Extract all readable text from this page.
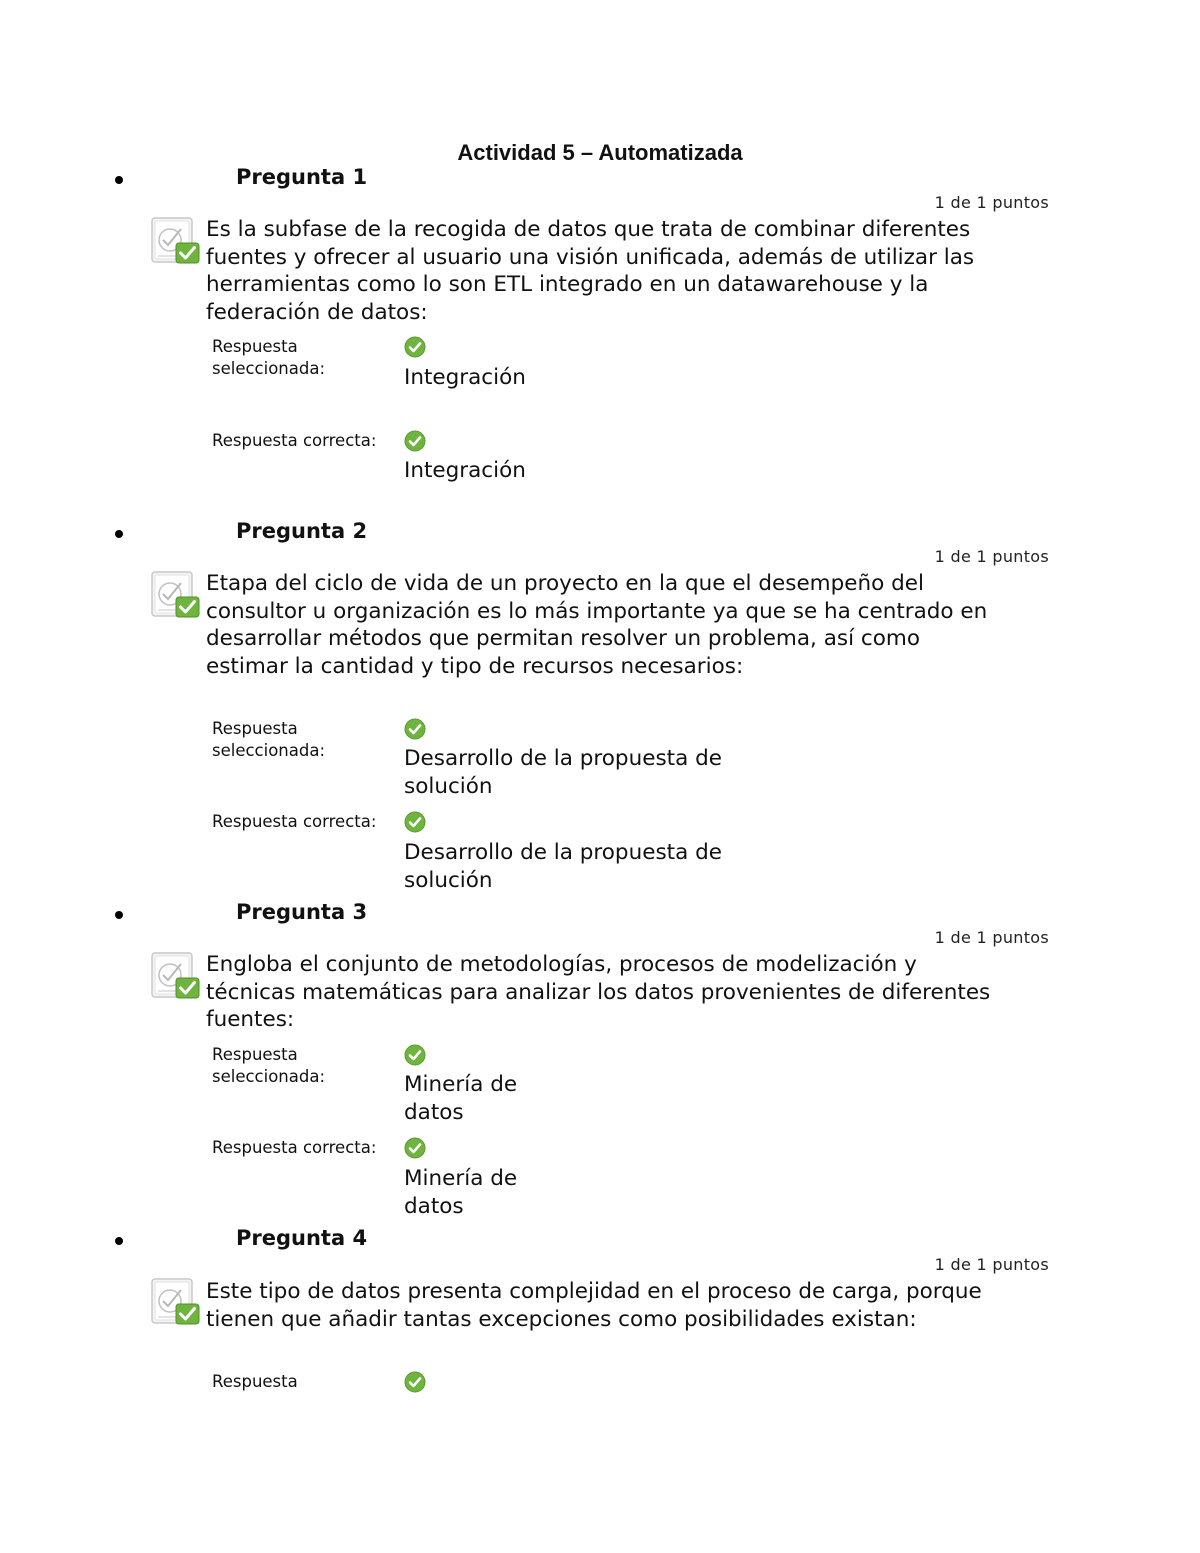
Actividad 5 – Automatizada
Pregunta 1
1 de 1 puntos
Es la subfase de la recogida de datos que trata de combinar diferentes fuentes y ofrecer al usuario una visión unificada, además de utilizar las herramientas como lo son ETL integrado en un datawarehouse y la federación de datos:
Respuesta seleccionada:	Integración
Respuesta correcta:
Integración
Pregunta 2
1 de 1 puntos
Etapa del ciclo de vida de un proyecto en la que el desempeño del consultor u organización es lo más importante ya que se ha centrado en desarrollar métodos que permitan resolver un problema, así como estimar la cantidad y tipo de recursos necesarios:
Respuesta seleccionada:	Desarrollo de la propuesta de solución
Respuesta correcta:
Desarrollo de la propuesta de solución
Pregunta 3
1 de 1 puntos
Engloba el conjunto de metodologías, procesos de modelización y técnicas matemáticas para analizar los datos provenientes de diferentes fuentes:
Respuesta seleccionada:	Minería de datos
Respuesta correcta:
Minería de datos
Pregunta 4
1 de 1 puntos
Este tipo de datos presenta complejidad en el proceso de carga, porque tienen que añadir tantas excepciones como posibilidades existan:
Respuesta
